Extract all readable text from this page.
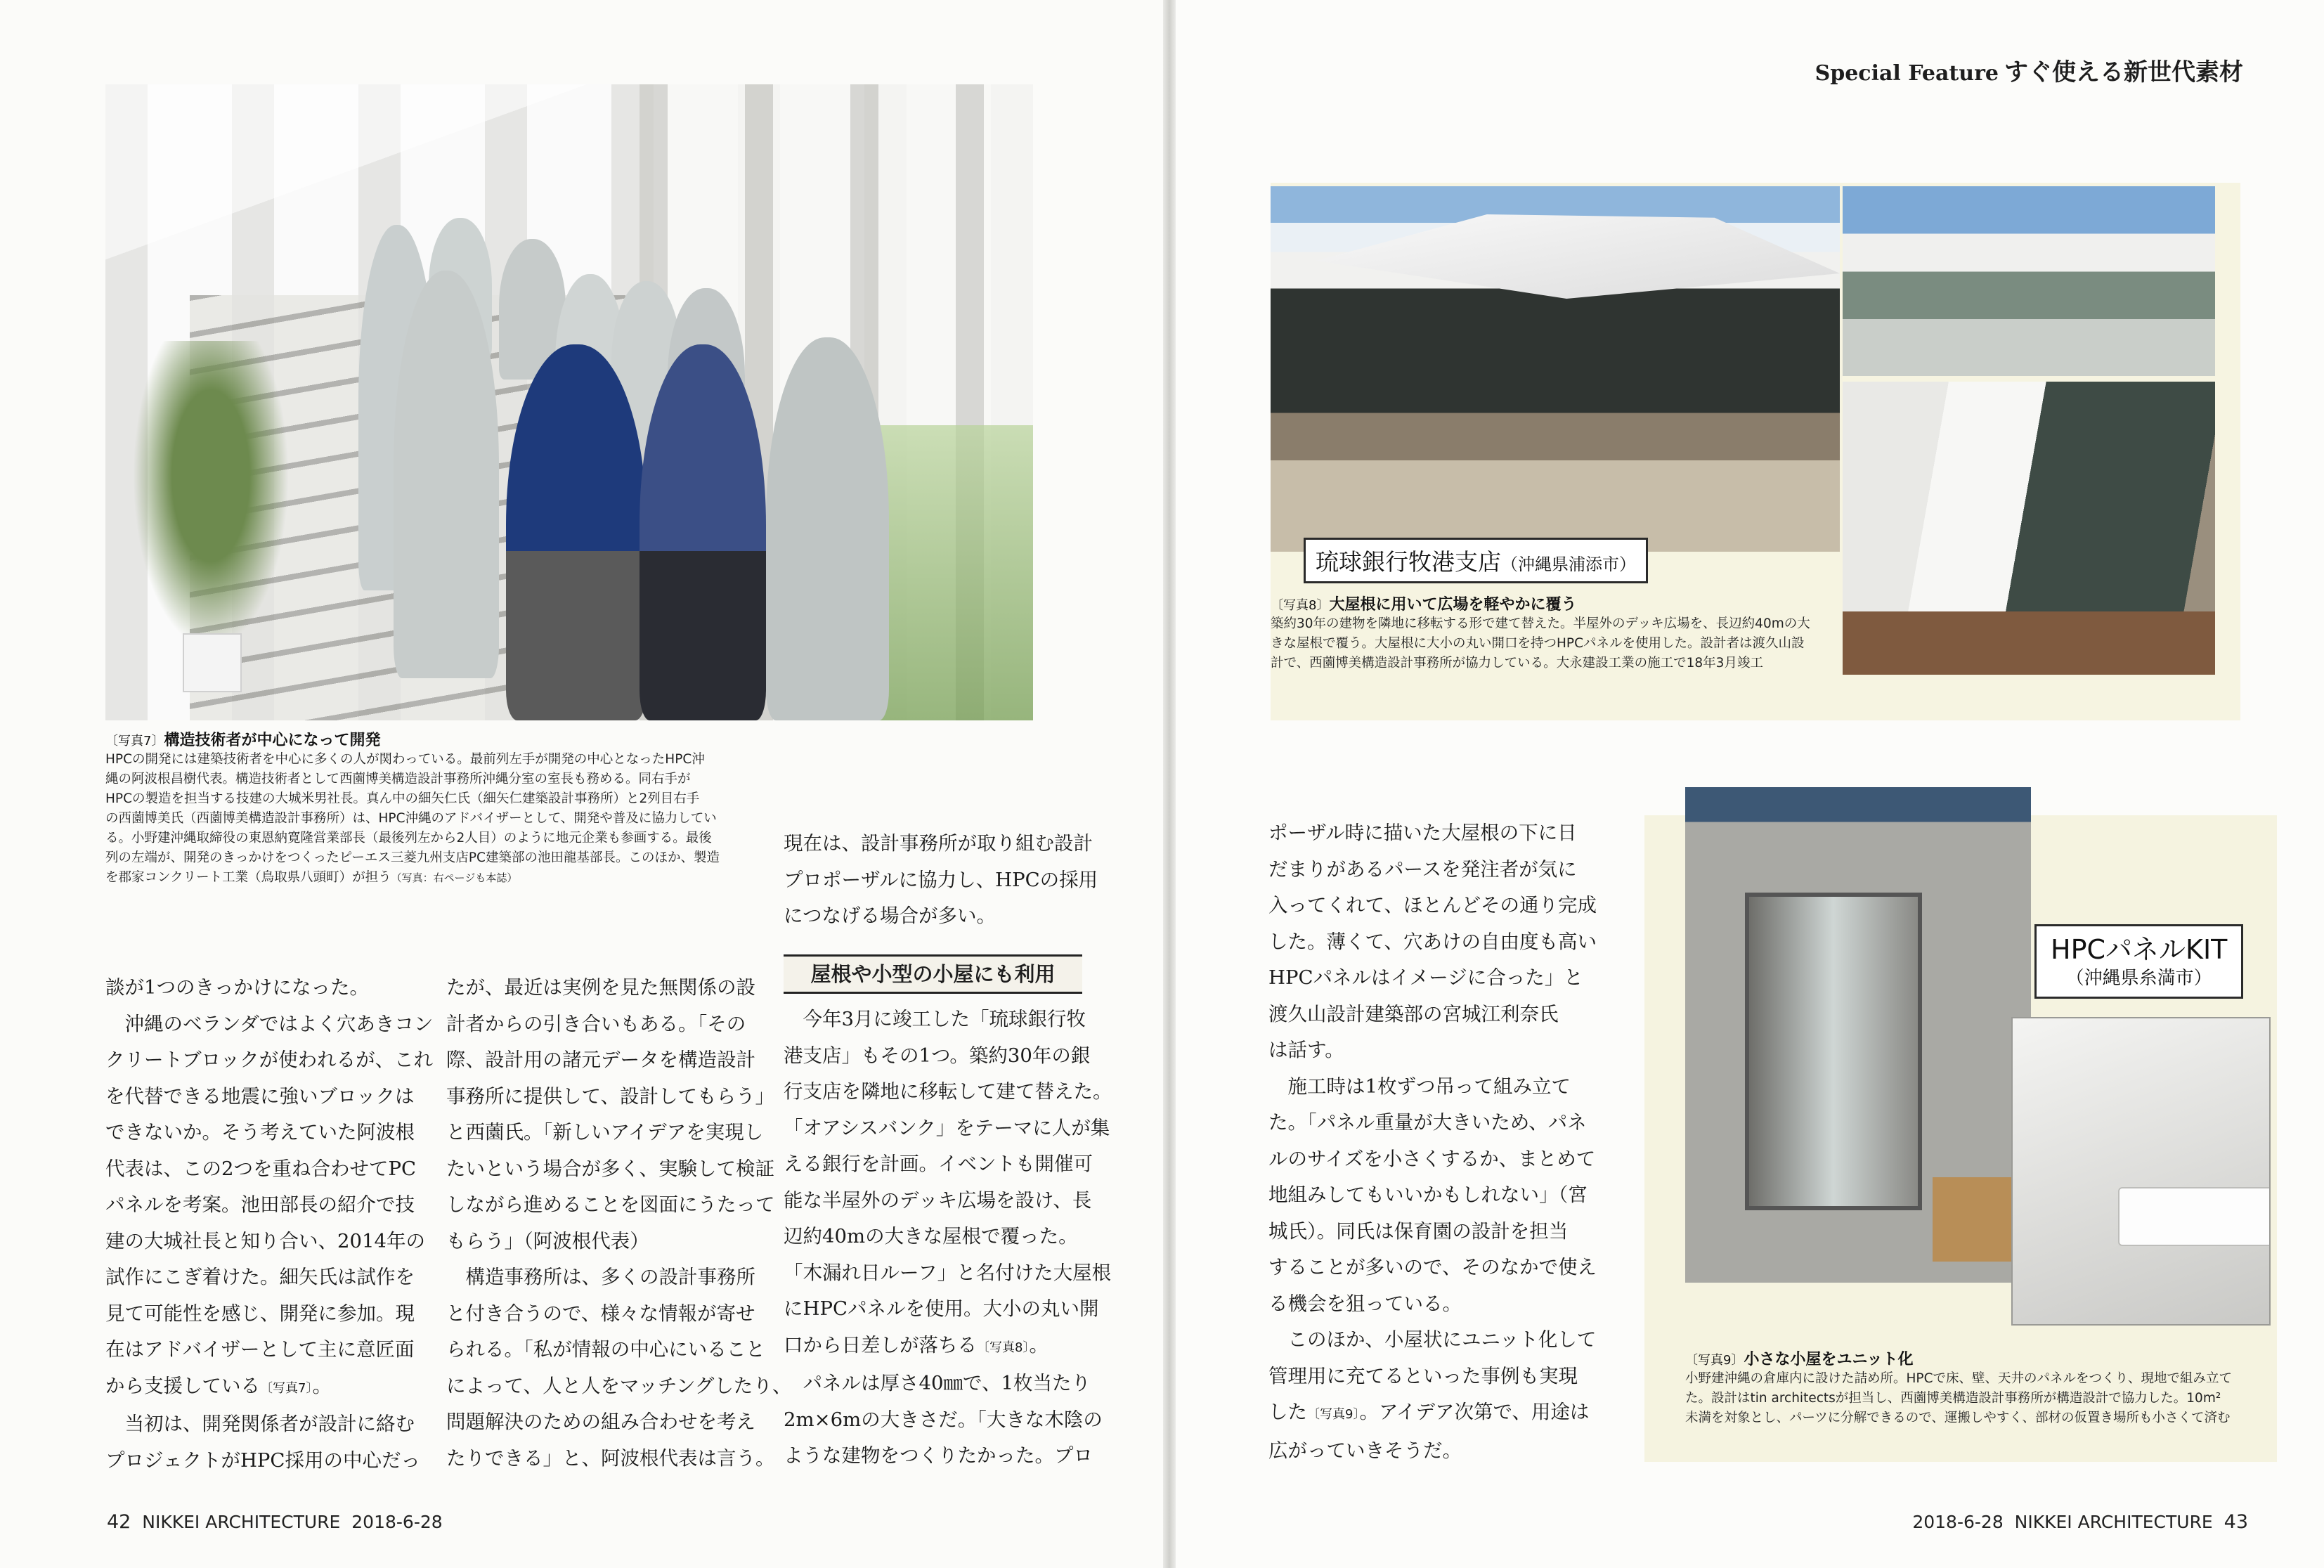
〔写真7〕構造技術者が中心になって開発
HPCの開発には建築技術者を中心に多くの人が関わっている。最前列左手が開発の中心となったHPC沖
縄の阿波根昌樹代表。構造技術者として西薗博美構造設計事務所沖縄分室の室長も務める。同右手が
HPCの製造を担当する技建の大城米男社長。真ん中の細矢仁氏（細矢仁建築設計事務所）と2列目右手
の西薗博美氏（西薗博美構造設計事務所）は、HPC沖縄のアドバイザーとして、開発や普及に協力してい
る。小野建沖縄取締役の東恩納寛隆営業部長（最後列左から2人目）のように地元企業も参画する。最後
列の左端が、開発のきっかけをつくったピーエス三菱九州支店PC建築部の池田龍基部長。このほか、製造
を郡家コンクリート工業（鳥取県八頭町）が担う（写真：右ページも本誌）

談が1つのきっかけになった。

　沖縄のベランダではよく穴あきコン

クリートブロックが使われるが、これ

を代替できる地震に強いブロックは

できないか。そう考えていた阿波根

代表は、この2つを重ね合わせてPC

パネルを考案。池田部長の紹介で技

建の大城社長と知り合い、2014年の

試作にこぎ着けた。細矢氏は試作を

見て可能性を感じ、開発に参加。現

在はアドバイザーとして主に意匠面

から支援している〔写真7〕。

　当初は、開発関係者が設計に絡む

プロジェクトがHPC採用の中心だっ

たが、最近は実例を見た無関係の設

計者からの引き合いもある。「その

際、設計用の諸元データを構造設計

事務所に提供して、設計してもらう」

と西薗氏。「新しいアイデアを実現し

たいという場合が多く、実験して検証

しながら進めることを図面にうたって

もらう」（阿波根代表）

　構造事務所は、多くの設計事務所

と付き合うので、様々な情報が寄せ

られる。「私が情報の中心にいること

によって、人と人をマッチングしたり、

問題解決のための組み合わせを考え

たりできる」と、阿波根代表は言う。

現在は、設計事務所が取り組む設計

プロポーザルに協力し、HPCの採用

につなげる場合が多い。

屋根や小型の小屋にも利用

　今年3月に竣工した「琉球銀行牧

港支店」もその1つ。築約30年の銀

行支店を隣地に移転して建て替えた。

「オアシスバンク」をテーマに人が集

える銀行を計画。イベントも開催可

能な半屋外のデッキ広場を設け、長

辺約40mの大きな屋根で覆った。

「木漏れ日ルーフ」と名付けた大屋根

にHPCパネルを使用。大小の丸い開

口から日差しが落ちる〔写真8〕。

　パネルは厚さ40㎜で、1枚当たり

2m×6mの大きさだ。「大きな木陰の

ような建物をつくりたかった。プロ

42 NIKKEI ARCHITECTURE 2018-6-28
Special Feature すぐ使える新世代素材
琉球銀行牧港支店（沖縄県浦添市）
〔写真8〕大屋根に用いて広場を軽やかに覆う
築約30年の建物を隣地に移転する形で建て替えた。半屋外のデッキ広場を、長辺約40mの大
きな屋根で覆う。大屋根に大小の丸い開口を持つHPCパネルを使用した。設計者は渡久山設
計で、西薗博美構造設計事務所が協力している。大永建設工業の施工で18年3月竣工

ポーザル時に描いた大屋根の下に日

だまりがあるパースを発注者が気に

入ってくれて、ほとんどその通り完成

した。薄くて、穴あけの自由度も高い

HPCパネルはイメージに合った」と

渡久山設計建築部の宮城江利奈氏

は話す。

　施工時は1枚ずつ吊って組み立て

た。「パネル重量が大きいため、パネ

ルのサイズを小さくするか、まとめて

地組みしてもいいかもしれない」（宮

城氏）。同氏は保育園の設計を担当

することが多いので、そのなかで使え

る機会を狙っている。

　このほか、小屋状にユニット化して

管理用に充てるといった事例も実現

した〔写真9〕。アイデア次第で、用途は

広がっていきそうだ。

HPCパネルKIT
（沖縄県糸満市）
〔写真9〕小さな小屋をユニット化
小野建沖縄の倉庫内に設けた詰め所。HPCで床、壁、天井のパネルをつくり、現地で組み立て
た。設計はtin architectsが担当し、西薗博美構造設計事務所が構造設計で協力した。10m²
未満を対象とし、パーツに分解できるので、運搬しやすく、部材の仮置き場所も小さくて済む
2018-6-28 NIKKEI ARCHITECTURE 43
